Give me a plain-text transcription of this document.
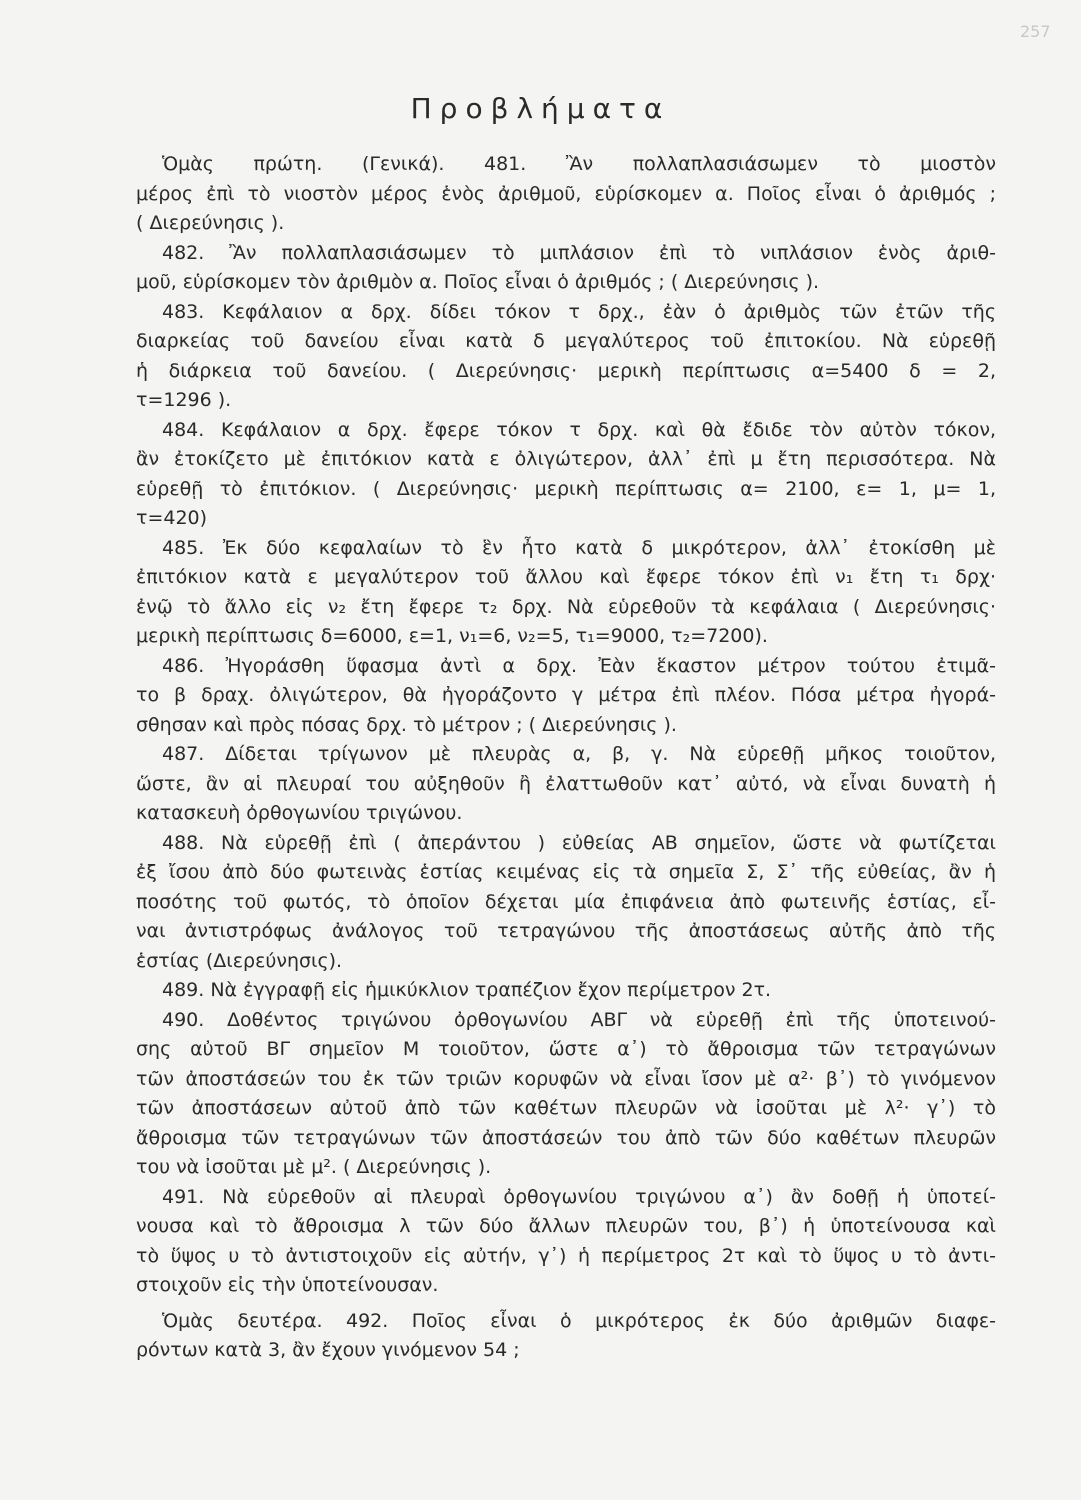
257
Προβλήματα
Ὁμὰς πρώτη. (Γενικά). 481. Ἂν πολλαπλασιάσωμεν τὸ μιοστὸν
μέρος ἐπὶ τὸ νιοστὸν μέρος ἑνὸς ἀριθμοῦ, εὑρίσκομεν α. Ποῖος εἶναι ὁ ἀριθμός ;
( Διερεύνησις ).
482. Ἂν πολλαπλασιάσωμεν τὸ μιπλάσιον ἐπὶ τὸ νιπλάσιον ἑνὸς ἀριθ-
μοῦ, εὑρίσκομεν τὸν ἀριθμὸν α. Ποῖος εἶναι ὁ ἀριθμός ; ( Διερεύνησις ).
483. Κεφάλαιον α δρχ. δίδει τόκον τ δρχ., ἐὰν ὁ ἀριθμὸς τῶν ἐτῶν τῆς
διαρκείας τοῦ δανείου εἶναι κατὰ δ μεγαλύτερος τοῦ ἐπιτοκίου. Νὰ εὑρεθῇ
ἡ διάρκεια τοῦ δανείου. ( Διερεύνησις· μερικὴ περίπτωσις α=5400 δ = 2,
τ=1296 ).
484. Κεφάλαιον α δρχ. ἔφερε τόκον τ δρχ. καὶ θὰ ἔδιδε τὸν αὐτὸν τόκον,
ἂν ἐτοκίζετο μὲ ἐπιτόκιον κατὰ ε ὀλιγώτερον, ἀλλ᾽ ἐπὶ μ ἔτη περισσότερα. Νὰ
εὑρεθῇ τὸ ἐπιτόκιον. ( Διερεύνησις· μερικὴ περίπτωσις α= 2100, ε= 1, μ= 1,
τ=420)
485. Ἐκ δύο κεφαλαίων τὸ ἓν ἦτο κατὰ δ μικρότερον, ἀλλ᾽ ἐτοκίσθη μὲ
ἐπιτόκιον κατὰ ε μεγαλύτερον τοῦ ἄλλου καὶ ἔφερε τόκον ἐπὶ ν₁ ἔτη τ₁ δρχ·
ἐνῷ τὸ ἄλλο εἰς ν₂ ἔτη ἔφερε τ₂ δρχ. Νὰ εὑρεθοῦν τὰ κεφάλαια ( Διερεύνησις·
μερικὴ περίπτωσις δ=6000, ε=1, ν₁=6, ν₂=5, τ₁=9000, τ₂=7200).
486. Ἠγοράσθη ὕφασμα ἀντὶ α δρχ. Ἐὰν ἕκαστον μέτρον τούτου ἐτιμᾶ-
το β δραχ. ὀλιγώτερον, θὰ ἠγοράζοντο γ μέτρα ἐπὶ πλέον. Πόσα μέτρα ἠγορά-
σθησαν καὶ πρὸς πόσας δρχ. τὸ μέτρον ; ( Διερεύνησις ).
487. Δίδεται τρίγωνον μὲ πλευρὰς α, β, γ. Νὰ εὑρεθῇ μῆκος τοιοῦτον,
ὥστε, ἂν αἱ πλευραί του αὐξηθοῦν ἢ ἐλαττωθοῦν κατ᾽ αὐτό, νὰ εἶναι δυνατὴ ἡ
κατασκευὴ ὀρθογωνίου τριγώνου.
488. Νὰ εὑρεθῇ ἐπὶ ( ἀπεράντου ) εὐθείας ΑΒ σημεῖον, ὥστε νὰ φωτίζεται
ἐξ ἴσου ἀπὸ δύο φωτεινὰς ἑστίας κειμένας εἰς τὰ σημεῖα Σ, Σ᾽ τῆς εὐθείας, ἂν ἡ
ποσότης τοῦ φωτός, τὸ ὁποῖον δέχεται μία ἐπιφάνεια ἀπὸ φωτεινῆς ἑστίας, εἶ-
ναι ἀντιστρόφως ἀνάλογος τοῦ τετραγώνου τῆς ἀποστάσεως αὐτῆς ἀπὸ τῆς
ἑστίας (Διερεύνησις).
489. Νὰ ἐγγραφῇ εἰς ἡμικύκλιον τραπέζιον ἔχον περίμετρον 2τ.
490. Δοθέντος τριγώνου ὀρθογωνίου ΑΒΓ νὰ εὑρεθῇ ἐπὶ τῆς ὑποτεινού-
σης αὐτοῦ ΒΓ σημεῖον Μ τοιοῦτον, ὥστε α᾽) τὸ ἄθροισμα τῶν τετραγώνων
τῶν ἀποστάσεών του ἐκ τῶν τριῶν κορυφῶν νὰ εἶναι ἴσον μὲ α²· β᾽) τὸ γινόμενον
τῶν ἀποστάσεων αὐτοῦ ἀπὸ τῶν καθέτων πλευρῶν νὰ ἰσοῦται μὲ λ²· γ᾽) τὸ
ἄθροισμα τῶν τετραγώνων τῶν ἀποστάσεών του ἀπὸ τῶν δύο καθέτων πλευρῶν
του νὰ ἰσοῦται μὲ μ². ( Διερεύνησις ).
491. Νὰ εὑρεθοῦν αἱ πλευραὶ ὀρθογωνίου τριγώνου α᾽) ἂν δοθῇ ἡ ὑποτεί-
νουσα καὶ τὸ ἄθροισμα λ τῶν δύο ἄλλων πλευρῶν του, β᾽) ἡ ὑποτείνουσα καὶ
τὸ ὕψος υ τὸ ἀντιστοιχοῦν εἰς αὐτήν, γ᾽) ἡ περίμετρος 2τ καὶ τὸ ὕψος υ τὸ ἀντι-
στοιχοῦν εἰς τὴν ὑποτείνουσαν.
Ὁμὰς δευτέρα. 492. Ποῖος εἶναι ὁ μικρότερος ἐκ δύο ἀριθμῶν διαφε-
ρόντων κατὰ 3, ἂν ἔχουν γινόμενον 54 ;
